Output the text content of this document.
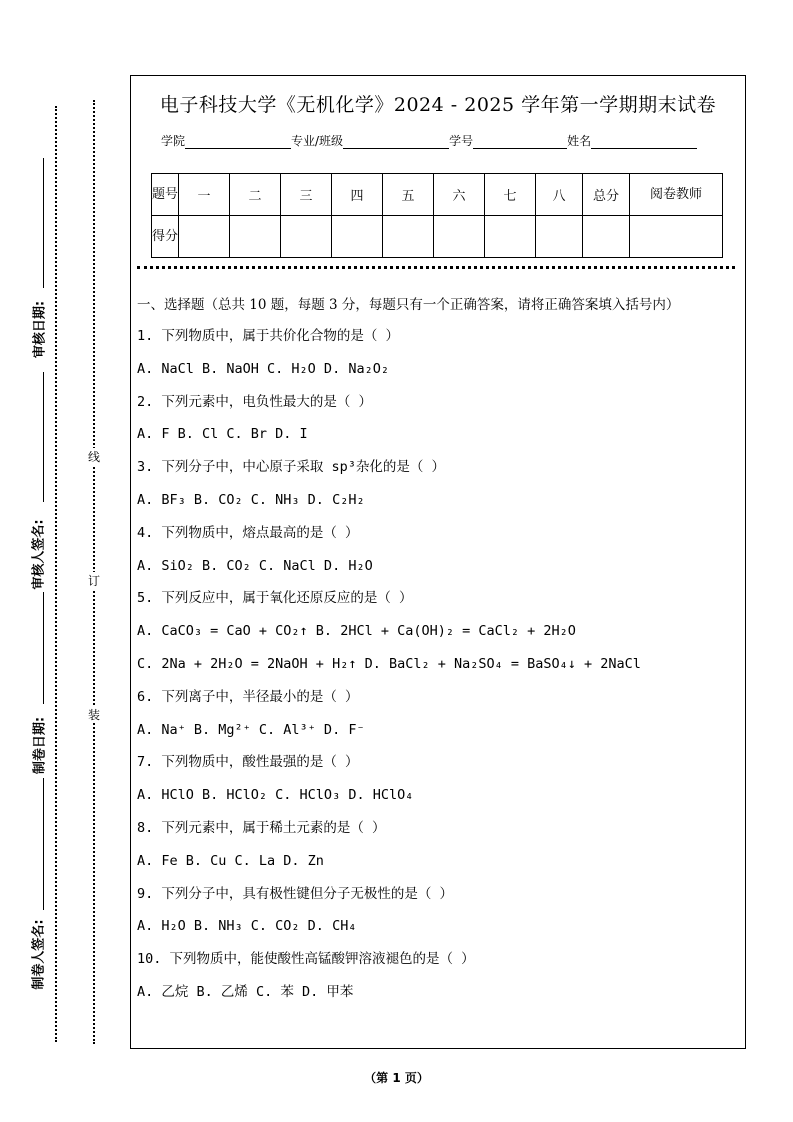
审核日期:
审核人签名:
制卷日期:
制卷人签名:
线
订
装
电子科技大学《无机化学》2024 - 2025 学年第一学期期末试卷
学院	专业/班级	学号	姓名
题号	一	二	三	四	五	六	七	八	总分	阅卷教师
得分										
一、选择题（总共 10 题，每题 3 分，每题只有一个正确答案，请将正确答案填入括号内）
1. 下列物质中，属于共价化合物的是（ ）
A. NaCl B. NaOH C. H₂O D. Na₂O₂
2. 下列元素中，电负性最大的是（ ）
A. F B. Cl C. Br D. I
3. 下列分子中，中心原子采取 sp³杂化的是（ ）
A. BF₃ B. CO₂ C. NH₃ D. C₂H₂
4. 下列物质中，熔点最高的是（ ）
A. SiO₂ B. CO₂ C. NaCl D. H₂O
5. 下列反应中，属于氧化还原反应的是（ ）
A. CaCO₃ = CaO + CO₂↑ B. 2HCl + Ca(OH)₂ = CaCl₂ + 2H₂O
C. 2Na + 2H₂O = 2NaOH + H₂↑ D. BaCl₂ + Na₂SO₄ = BaSO₄↓ + 2NaCl
6. 下列离子中，半径最小的是（ ）
A. Na⁺ B. Mg²⁺ C. Al³⁺ D. F⁻
7. 下列物质中，酸性最强的是（ ）
A. HClO B. HClO₂ C. HClO₃ D. HClO₄
8. 下列元素中，属于稀土元素的是（ ）
A. Fe B. Cu C. La D. Zn
9. 下列分子中，具有极性键但分子无极性的是（ ）
A. H₂O B. NH₃ C. CO₂ D. CH₄
10. 下列物质中，能使酸性高锰酸钾溶液褪色的是（ ）
A. 乙烷 B. 乙烯 C. 苯 D. 甲苯
（第 1 页）
